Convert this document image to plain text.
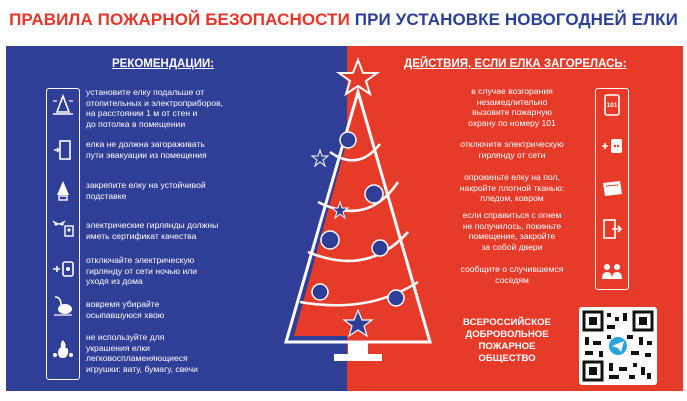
ПРАВИЛА ПОЖАРНОЙ БЕЗОПАСНОСТИ ПРИ УСТАНОВКЕ НОВОГОДНЕЙ ЕЛКИ
РЕКОМЕНДАЦИИ:	ДЕЙСТВИЯ, ЕСЛИ ЕЛКА ЗАГОРЕЛАСЬ:
установите елку подальше от
отопительных и электроприборов,
на расстоянии 1 м от стен и
до потолка в помещении
елка не должна загораживать
пути эвакуации из помещения
закрепите елку на устойчивой
подставке
электрические гирлянды должны
иметь сертификат качества
отключайте электрическую
гирлянду от сети ночью или
уходя из дома
вовремя убирайте
осыпавшуюся хвою
не используйте для
украшения елки
легковоспламеняющиеся
игрушки: вату, бумагу, свечи
101
в случае возгорания
незамедлительно
вызовите пожарную
охрану по номеру 101
отключите электрическую
гирлянду от сети
опрокиньте елку на пол,
накройте плотной тканью:
пледом, ковром
если справиться с огнем
не получилось, покиньте
помещение, закройте
за собой двери
сообщите о случившемся
соседям
ВСЕРОССИЙСКОЕ
ДОБРОВОЛЬНОЕ
ПОЖАРНОЕ
ОБЩЕСТВО
